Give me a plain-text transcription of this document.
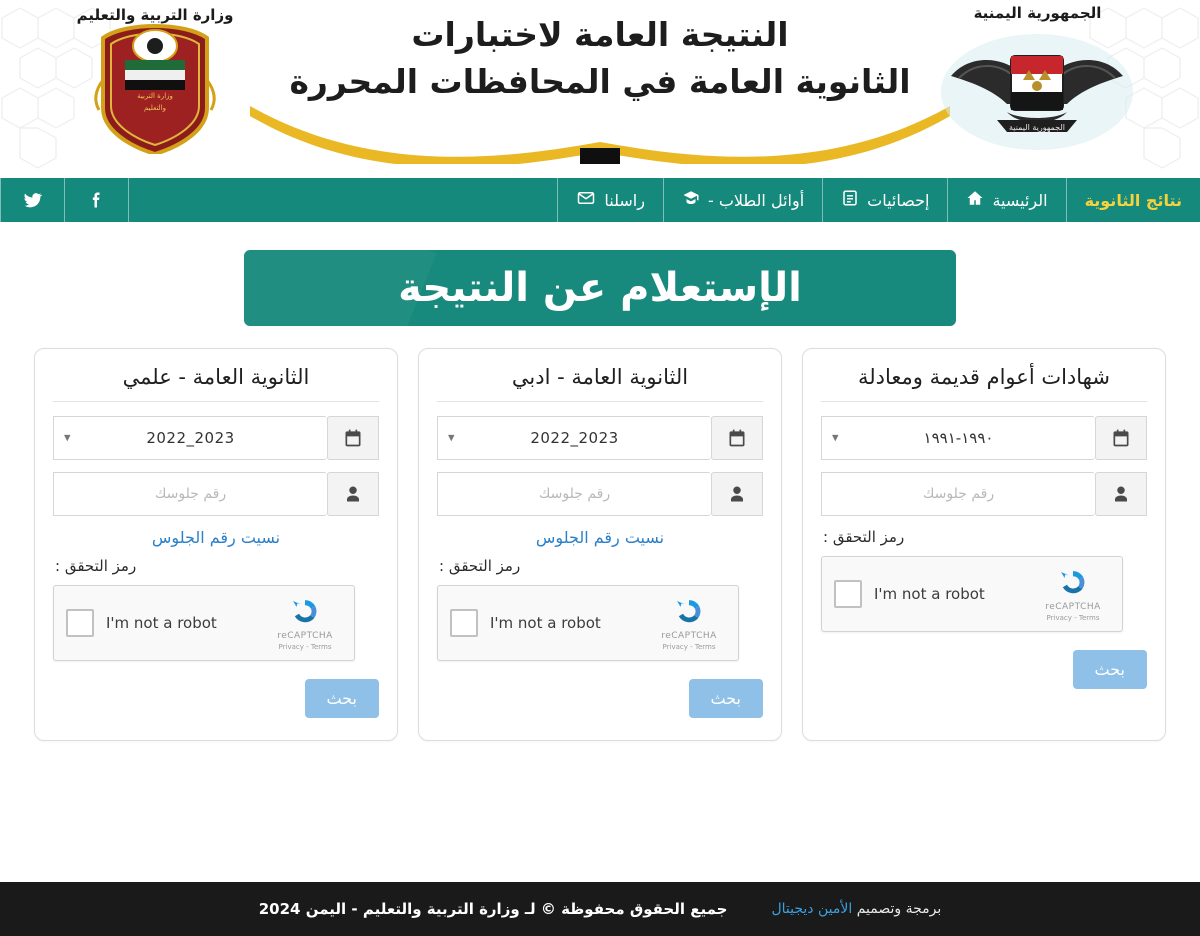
النتيجة العامة لاختبارات
الثانوية العامة في المحافظات المحررة
وزارة التربية والتعليم
وزارة التربية
والتعليم
الجمهورية اليمنية
الجمهورية اليمنية
نتائج الثانوية
الرئيسية
إحصائيات
أوائل الطلاب -
راسلنا
الإستعلام عن النتيجة
الثانوية العامة - علمي
2023_2022
▾
رقم جلوسك
نسيت رقم الجلوس
رمز التحقق :
I'm not a robot
reCAPTCHA
Privacy - Terms
بحث
الثانوية العامة - ادبي
2023_2022
▾
رقم جلوسك
نسيت رقم الجلوس
رمز التحقق :
I'm not a robot
reCAPTCHA
Privacy - Terms
بحث
شهادات أعوام قديمة ومعادلة
١٩٩٠-١٩٩١
▾
رقم جلوسك
رمز التحقق :
I'm not a robot
reCAPTCHA
Privacy - Terms
بحث
جميع الحقوق محفوظة © لـ وزارة التربية والتعليم - اليمن 2024	برمجة وتصميم الأمين ديجيتال
